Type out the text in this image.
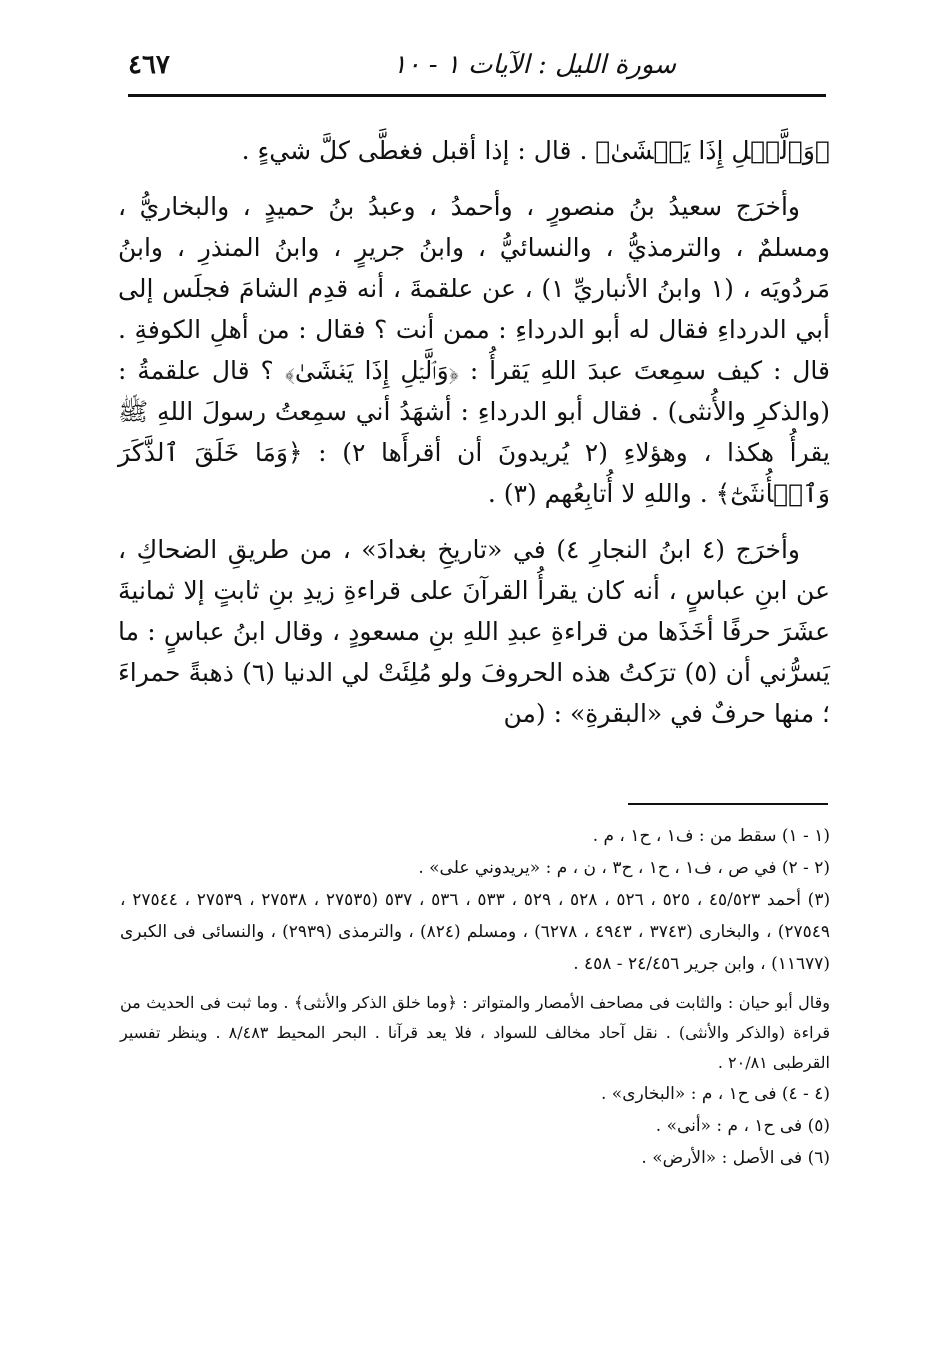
سورة الليل : الآيات ١ - ١٠
٤٦٧

﴿وَٱلَّيۡلِ إِذَا يَغۡشَىٰ﴾ . قال : إذا أقبل فغطَّى كلَّ شيءٍ .

وأخرَج سعيدُ بنُ منصورٍ ، وأحمدُ ، وعبدُ بنُ حميدٍ ، والبخاريُّ ، ومسلمٌ ، والترمذيُّ ، والنسائيُّ ، وابنُ جريرٍ ، وابنُ المنذرِ ، وابنُ مَردُويَه ، (١ وابنُ الأنباريِّ ١) ، عن علقمةَ ، أنه قدِم الشامَ فجلَس إلى أبي الدرداءِ فقال له أبو الدرداءِ : ممن أنت ؟ فقال : من أهلِ الكوفةِ . قال : كيف سمِعتَ عبدَ اللهِ يَقرأُ : ﴿وَٱلَّيۡلِ إِذَا يَغۡشَىٰ﴾ ؟ قال علقمةُ : (والذكرِ والأُنثى) . فقال أبو الدرداءِ : أشهَدُ أني سمِعتُ رسولَ اللهِ ﷺ يقرأُ هكذا ، وهؤلاءِ (٢ يُريدونَ أن أقرأَها ٢) : ﴿وَمَا خَلَقَ ٱلذَّكَرَ وَٱلۡأُنثَىٰٓ﴾ . واللهِ لا أُتابِعُهم (٣) .

وأخرَج (٤ ابنُ النجارِ ٤) في «تاريخِ بغدادَ» ، من طريقِ الضحاكِ ، عن ابنِ عباسٍ ، أنه كان يقرأُ القرآنَ على قراءةِ زيدِ بنِ ثابتٍ إلا ثمانيةَ عشَرَ حرفًا أخَذَها من قراءةِ عبدِ اللهِ بنِ مسعودٍ ، وقال ابنُ عباسٍ : ما يَسرُّني أن (٥) ترَكتُ هذه الحروفَ ولو مُلِئَتْ لي الدنيا (٦) ذهبةً حمراءَ ؛ منها حرفٌ في «البقرةِ» : (من

(١ - ١) سقط من : ف١ ، ح١ ، م .

(٢ - ٢) في ص ، ف١ ، ح١ ، ح٣ ، ن ، م : «يريدوني على» .

(٣) أحمد ٤٥/٥٢٣ ، ٥٢٥ ، ٥٢٦ ، ٥٢٨ ، ٥٢٩ ، ٥٣٣ ، ٥٣٦ ، ٥٣٧ (٢٧٥٣٥ ، ٢٧٥٣٨ ، ٢٧٥٣٩ ، ٢٧٥٤٤ ، ٢٧٥٤٩) ، والبخارى (٣٧٤٣ ، ٤٩٤٣ ، ٦٢٧٨) ، ومسلم (٨٢٤) ، والترمذى (٢٩٣٩) ، والنسائى فى الكبرى (١١٦٧٧) ، وابن جرير ٢٤/٤٥٦ - ٤٥٨ .

وقال أبو حيان : والثابت فى مصاحف الأمصار والمتواتر : ﴿وما خلق الذكر والأنثى﴾ . وما ثبت فى الحديث من قراءة (والذكر والأنثى) . نقل آحاد مخالف للسواد ، فلا يعد قرآنا . البحر المحيط ٨/٤٨٣ . وينظر تفسير القرطبى ٢٠/٨١ .

(٤ - ٤) فى ح١ ، م : «البخارى» .

(٥) فى ح١ ، م : «أنى» .

(٦) فى الأصل : «الأرض» .
